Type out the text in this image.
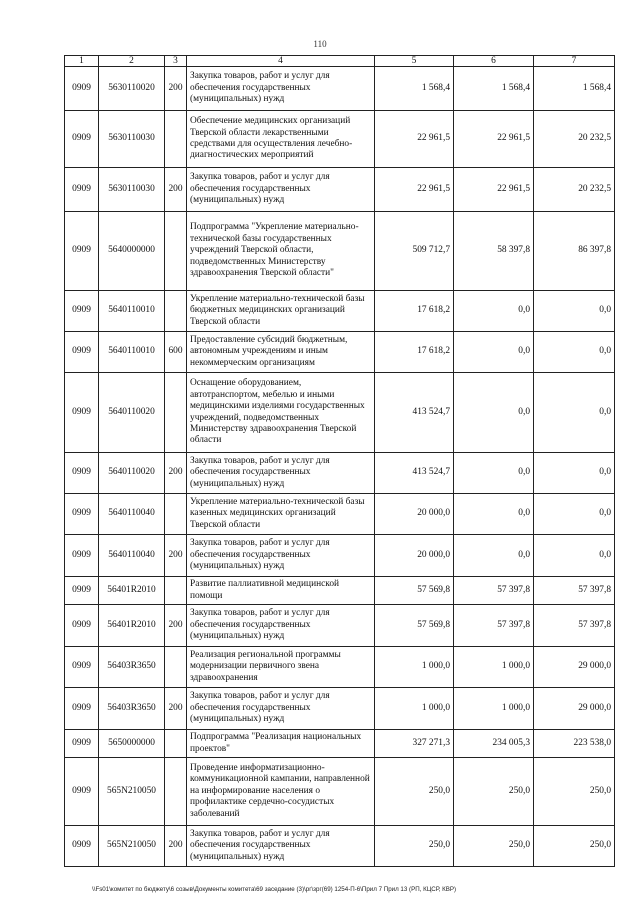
110
1	2	3	4	5	6	7
0909	5630110020	200	Закупка товаров, работ и услуг для обеспечения государственных (муниципальных) нужд	1 568,4	1 568,4	1 568,4
0909	5630110030		Обеспечение медицинских организаций Тверской области лекарственными средствами для осуществления лечебно-диагностических мероприятий	22 961,5	22 961,5	20 232,5
0909	5630110030	200	Закупка товаров, работ и услуг для обеспечения государственных (муниципальных) нужд	22 961,5	22 961,5	20 232,5
0909	5640000000		Подпрограмма "Укрепление материально-технической базы государственных учреждений Тверской области, подведомственных Министерству здравоохранения Тверской области"	509 712,7	58 397,8	86 397,8
0909	5640110010		Укрепление материально-технической базы бюджетных медицинских организаций Тверской области	17 618,2	0,0	0,0
0909	5640110010	600	Предоставление субсидий бюджетным, автономным учреждениям и иным некоммерческим организациям	17 618,2	0,0	0,0
0909	5640110020		Оснащение оборудованием, автотранспортом, мебелью и иными медицинскими изделиями государственных учреждений, подведомственных Министерству здравоохранения Тверской области	413 524,7	0,0	0,0
0909	5640110020	200	Закупка товаров, работ и услуг для обеспечения государственных (муниципальных) нужд	413 524,7	0,0	0,0
0909	5640110040		Укрепление материально-технической базы казенных медицинских организаций Тверской области	20 000,0	0,0	0,0
0909	5640110040	200	Закупка товаров, работ и услуг для обеспечения государственных (муниципальных) нужд	20 000,0	0,0	0,0
0909	56401R2010		Развитие паллиативной медицинской помощи	57 569,8	57 397,8	57 397,8
0909	56401R2010	200	Закупка товаров, работ и услуг для обеспечения государственных (муниципальных) нужд	57 569,8	57 397,8	57 397,8
0909	56403R3650		Реализация региональной программы модернизации первичного звена здравоохранения	1 000,0	1 000,0	29 000,0
0909	56403R3650	200	Закупка товаров, работ и услуг для обеспечения государственных (муниципальных) нужд	1 000,0	1 000,0	29 000,0
0909	5650000000		Подпрограмма "Реализация национальных проектов"	327 271,3	234 005,3	223 538,0
0909	565N210050		Проведение информатизационно-коммуникационной кампании, направленной на информирование населения о профилактике сердечно-сосудистых заболеваний	250,0	250,0	250,0
0909	565N210050	200	Закупка товаров, работ и услуг для обеспечения государственных (муниципальных) нужд	250,0	250,0	250,0
\\Fs01\комитет по бюджету\6 созыв\Документы комитета\69 заседание (3)\рг\зрг(69) 1254-П-6\Прил 7 Прил 13 (РП, КЦСР, КВР)
